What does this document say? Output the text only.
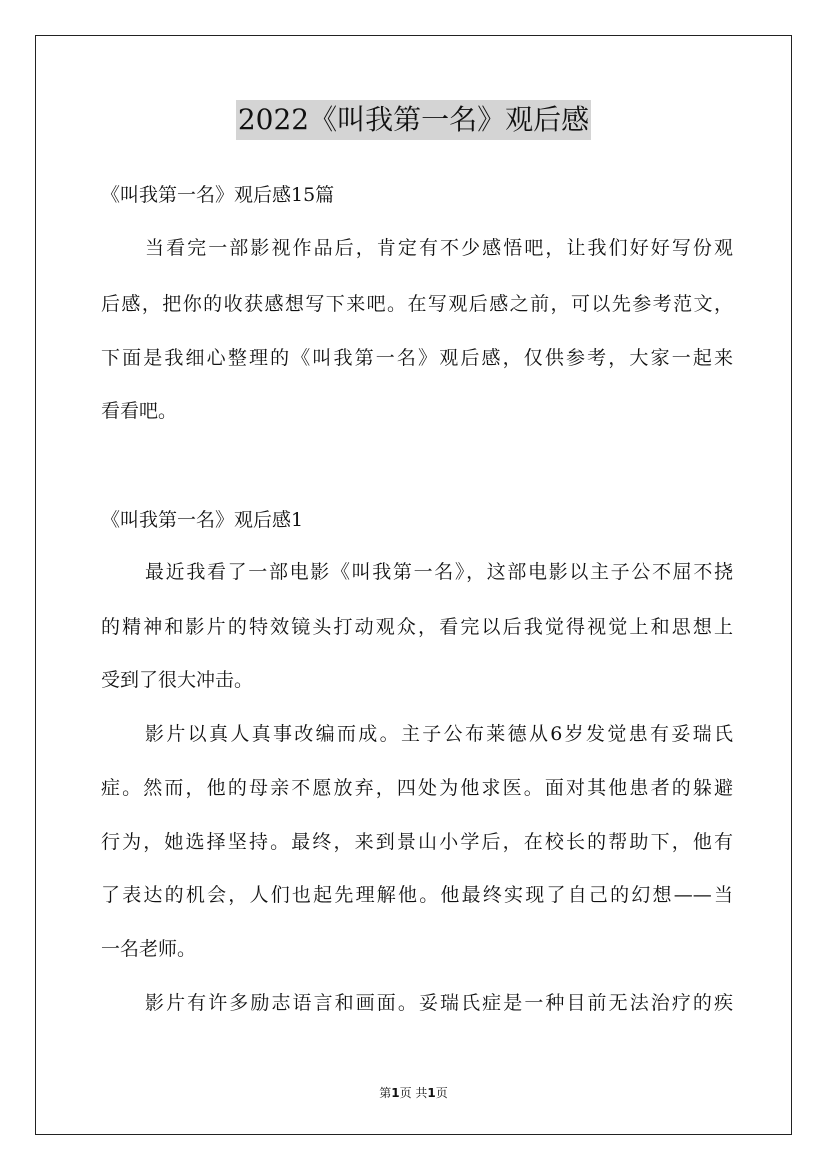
2022《叫我第一名》观后感
《叫我第一名》观后感15篇
当看完一部影视作品后，肯定有不少感悟吧，让我们好好写份观
后感，把你的收获感想写下来吧。在写观后感之前，可以先参考范文，
下面是我细心整理的《叫我第一名》观后感，仅供参考，大家一起来
看看吧。
《叫我第一名》观后感1
最近我看了一部电影《叫我第一名》，这部电影以主子公不屈不挠
的精神和影片的特效镜头打动观众，看完以后我觉得视觉上和思想上
受到了很大冲击。
影片以真人真事改编而成。主子公布莱德从6岁发觉患有妥瑞氏
症。然而，他的母亲不愿放弃，四处为他求医。面对其他患者的躲避
行为，她选择坚持。最终，来到景山小学后，在校长的帮助下，他有
了表达的机会，人们也起先理解他。他最终实现了自己的幻想——当
一名老师。
影片有许多励志语言和画面。妥瑞氏症是一种目前无法治疗的疾
第1页 共1页
